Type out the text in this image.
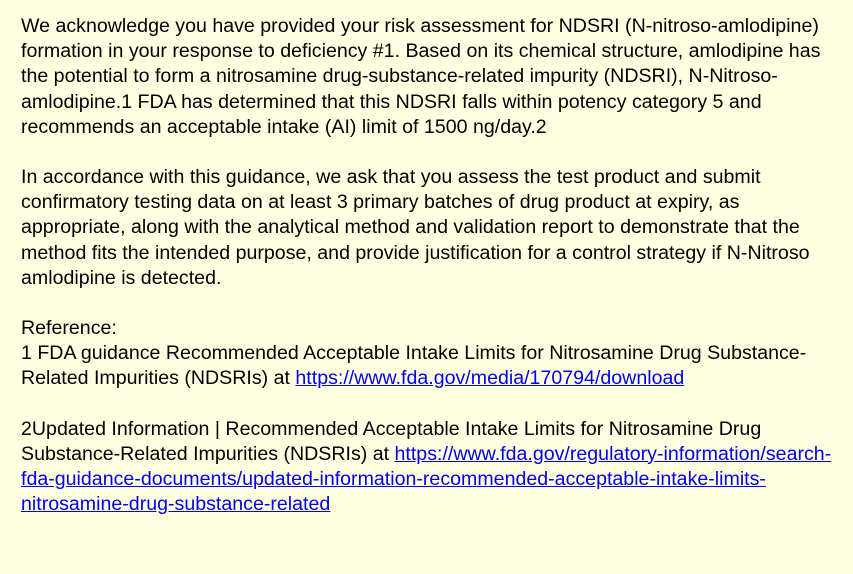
We acknowledge you have provided your risk assessment for NDSRI (N-nitroso-amlodipine) formation in your response to deficiency #1. Based on its chemical structure, amlodipine has the potential to form a nitrosamine drug-substance-related impurity (NDSRI), N-Nitroso- amlodipine.1 FDA has determined that this NDSRI falls within potency category 5 and recommends an acceptable intake (AI) limit of 1500 ng/day.2

In accordance with this guidance, we ask that you assess the test product and submit confirmatory testing data on at least 3 primary batches of drug product at expiry, as appropriate, along with the analytical method and validation report to demonstrate that the method fits the intended purpose, and provide justification for a control strategy if N-Nitroso amlodipine is detected.

Reference:

1 FDA guidance Recommended Acceptable Intake Limits for Nitrosamine Drug Substance-Related Impurities (NDSRIs) at https://www.fda.gov/media/170794/download

2Updated Information | Recommended Acceptable Intake Limits for Nitrosamine Drug Substance-Related Impurities (NDSRIs) at https://www.fda.gov/regulatory-information/search-fda-guidance-documents/updated-information-recommended-acceptable-intake-limits-nitrosamine-drug-substance-related
